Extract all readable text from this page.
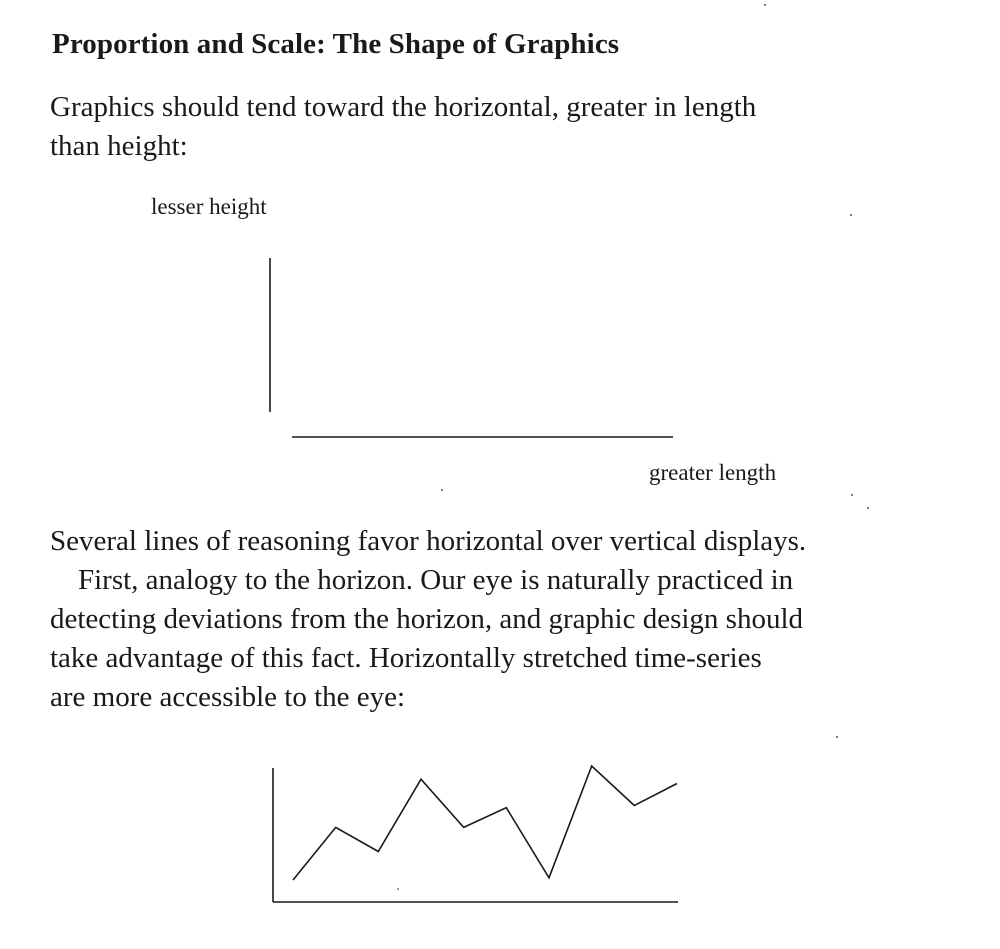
Proportion and Scale: The Shape of Graphics

Graphics should tend toward the horizontal, greater in length
than height:

lesser height
greater length

Several lines of reasoning favor horizontal over vertical displays.
First, analogy to the horizon. Our eye is naturally practiced in
detecting deviations from the horizon, and graphic design should
take advantage of this fact. Horizontally stretched time-series
are more accessible to the eye:
